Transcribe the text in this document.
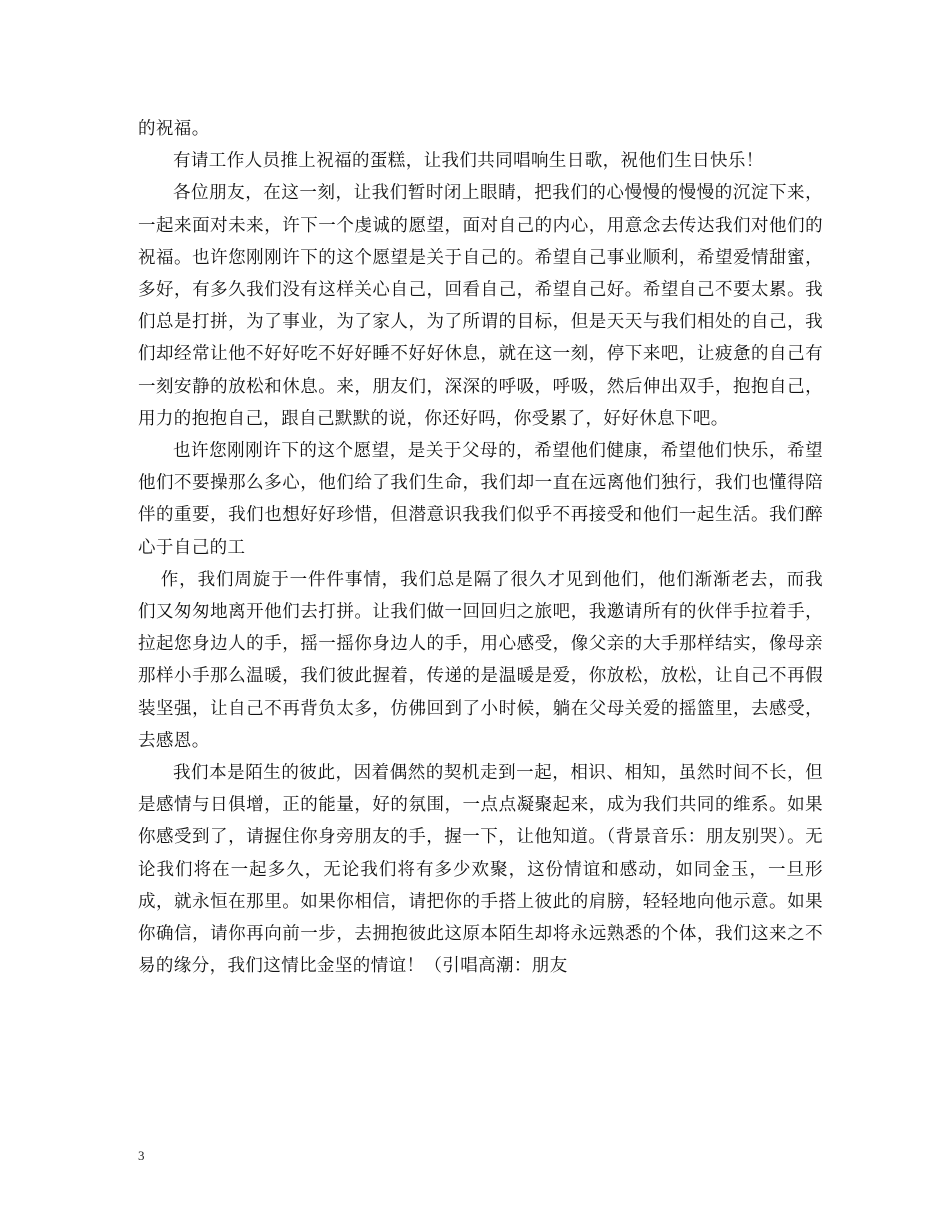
的祝福。

有请工作人员推上祝福的蛋糕，让我们共同唱响生日歌，祝他们生日快乐！

各位朋友，在这一刻，让我们暂时闭上眼睛，把我们的心慢慢的慢慢的沉淀下来，一起来面对未来，许下一个虔诚的愿望，面对自己的内心，用意念去传达我们对他们的祝福。也许您刚刚许下的这个愿望是关于自己的。希望自己事业顺利，希望爱情甜蜜，多好，有多久我们没有这样关心自己，回看自己，希望自己好。希望自己不要太累。我们总是打拼，为了事业，为了家人，为了所谓的目标，但是天天与我们相处的自己，我们却经常让他不好好吃不好好睡不好好休息，就在这一刻，停下来吧，让疲惫的自己有一刻安静的放松和休息。来，朋友们，深深的呼吸，呼吸，然后伸出双手，抱抱自己，用力的抱抱自己，跟自己默默的说，你还好吗，你受累了，好好休息下吧。

也许您刚刚许下的这个愿望，是关于父母的，希望他们健康，希望他们快乐，希望他们不要操那么多心，他们给了我们生命，我们却一直在远离他们独行，我们也懂得陪伴的重要，我们也想好好珍惜，但潜意识我我们似乎不再接受和他们一起生活。我们醉心于自己的工

作，我们周旋于一件件事情，我们总是隔了很久才见到他们，他们渐渐老去，而我们又匆匆地离开他们去打拼。让我们做一回回归之旅吧，我邀请所有的伙伴手拉着手，拉起您身边人的手，摇一摇你身边人的手，用心感受，像父亲的大手那样结实，像母亲那样小手那么温暖，我们彼此握着，传递的是温暖是爱，你放松，放松，让自己不再假装坚强，让自己不再背负太多，仿佛回到了小时候，躺在父母关爱的摇篮里，去感受，去感恩。

我们本是陌生的彼此，因着偶然的契机走到一起，相识、相知，虽然时间不长，但是感情与日俱增，正的能量，好的氛围，一点点凝聚起来，成为我们共同的维系。如果你感受到了，请握住你身旁朋友的手，握一下，让他知道。（背景音乐：朋友别哭）。无论我们将在一起多久，无论我们将有多少欢聚，这份情谊和感动，如同金玉，一旦形成，就永恒在那里。如果你相信，请把你的手搭上彼此的肩膀，轻轻地向他示意。如果你确信，请你再向前一步，去拥抱彼此这原本陌生却将永远熟悉的个体，我们这来之不易的缘分，我们这情比金坚的情谊！（引唱高潮：朋友

3
